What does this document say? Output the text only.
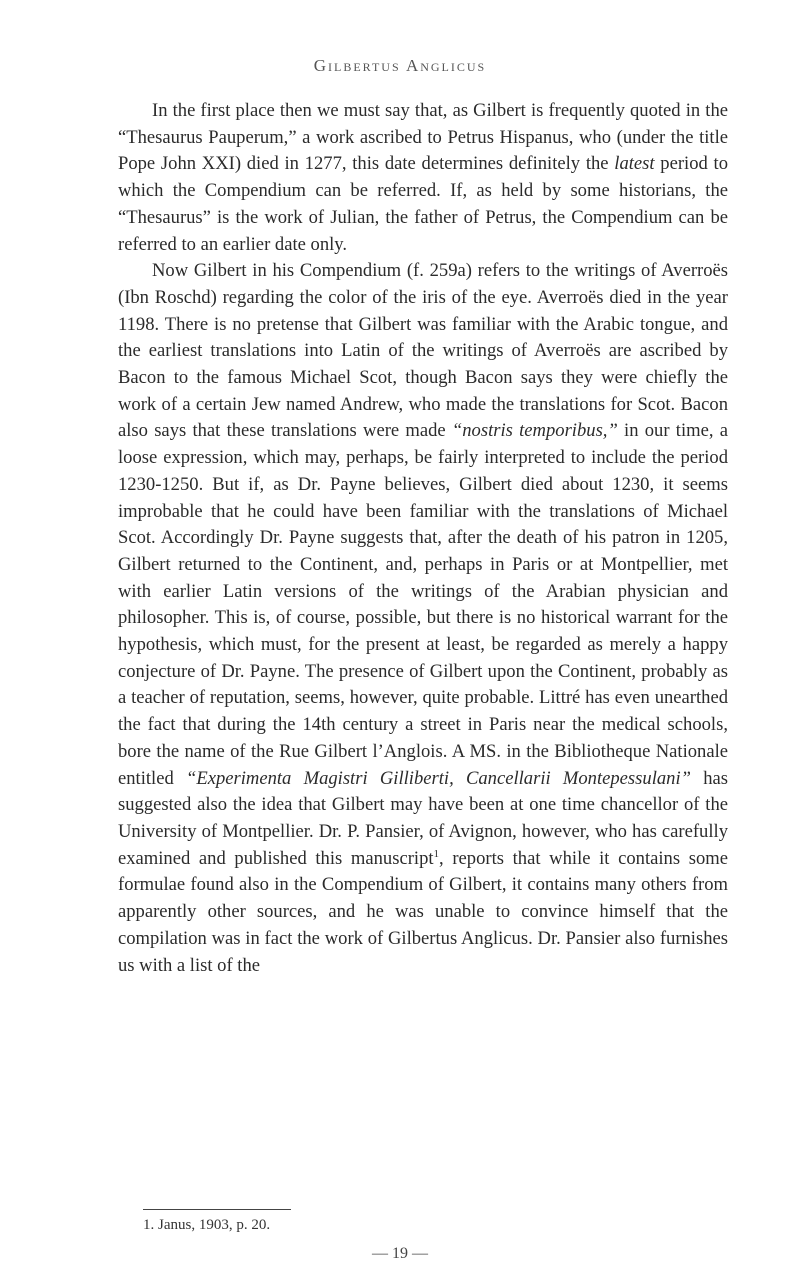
Gilbertus Anglicus

In the first place then we must say that, as Gilbert is frequently quoted in the “Thesaurus Pauperum,” a work ascribed to Petrus Hispanus, who (under the title Pope John XXI) died in 1277, this date determines definitely the latest period to which the Compendium can be referred. If, as held by some historians, the “Thesaurus” is the work of Julian, the father of Petrus, the Compendium can be referred to an earlier date only.

Now Gilbert in his Compendium (f. 259a) refers to the writings of Averroës (Ibn Roschd) regarding the color of the iris of the eye. Averroës died in the year 1198. There is no pretense that Gilbert was familiar with the Arabic tongue, and the earliest translations into Latin of the writings of Averroës are ascribed by Bacon to the famous Michael Scot, though Bacon says they were chiefly the work of a certain Jew named Andrew, who made the translations for Scot. Bacon also says that these translations were made “nostris temporibus,” in our time, a loose expression, which may, perhaps, be fairly interpreted to include the period 1230-1250. But if, as Dr. Payne believes, Gilbert died about 1230, it seems improbable that he could have been familiar with the translations of Michael Scot. Accordingly Dr. Payne suggests that, after the death of his patron in 1205, Gilbert returned to the Continent, and, perhaps in Paris or at Montpellier, met with earlier Latin versions of the writings of the Arabian physician and philosopher. This is, of course, possible, but there is no historical warrant for the hypothesis, which must, for the present at least, be regarded as merely a happy conjecture of Dr. Payne. The presence of Gilbert upon the Continent, probably as a teacher of reputation, seems, however, quite probable. Littré has even unearthed the fact that during the 14th century a street in Paris near the medical schools, bore the name of the Rue Gilbert l’Anglois. A MS. in the Bibliotheque Nationale entitled “Experimenta Magistri Gilliberti, Cancellarii Montepessulani” has suggested also the idea that Gilbert may have been at one time chancellor of the University of Montpellier. Dr. P. Pansier, of Avignon, however, who has carefully examined and published this manuscript$^1$, reports that while it contains some formulae found also in the Compendium of Gilbert, it contains many others from apparently other sources, and he was unable to convince himself that the compilation was in fact the work of Gilbertus Anglicus. Dr. Pansier also furnishes us with a list of the

1. Janus, 1903, p. 20.
— 19 —
